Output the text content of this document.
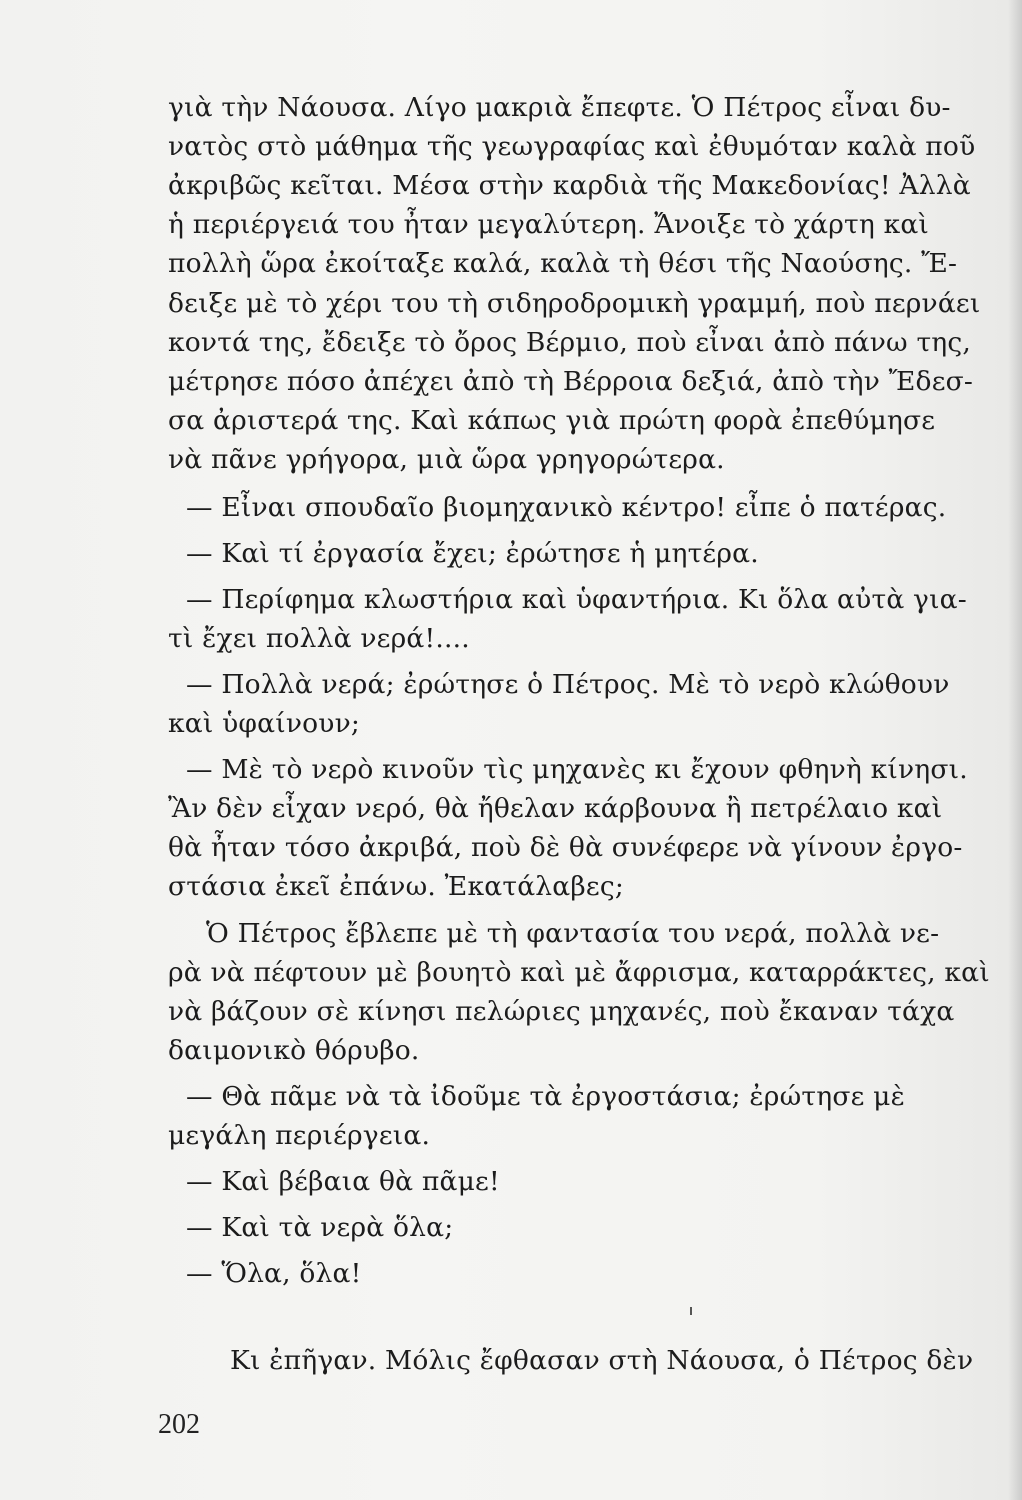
γιὰ τὴν Νάουσα. Λίγο μακριὰ ἔπεφτε. Ὁ Πέτρος εἶναι δυ-
νατὸς στὸ μάθημα τῆς γεωγραφίας καὶ ἐθυμόταν καλὰ ποῦ
ἀκριβῶς κεῖται. Μέσα στὴν καρδιὰ τῆς Μακεδονίας! Ἀλλὰ
ἡ περιέργειά του ἦταν μεγαλύτερη. Ἄνοιξε τὸ χάρτη καὶ
πολλὴ ὥρα ἐκοίταξε καλά, καλὰ τὴ θέσι τῆς Ναούσης. Ἔ-
δειξε μὲ τὸ χέρι του τὴ σιδηροδρομικὴ γραμμή, ποὺ περνάει
κοντά της, ἔδειξε τὸ ὄρος Βέρμιο, ποὺ εἶναι ἀπὸ πάνω της,
μέτρησε πόσο ἀπέχει ἀπὸ τὴ Βέρροια δεξιά, ἀπὸ τὴν Ἔδεσ-
σα ἀριστερά της. Καὶ κάπως γιὰ πρώτη φορὰ ἐπεθύμησε
νὰ πᾶνε γρήγορα, μιὰ ὥρα γρηγορώτερα.
— Εἶναι σπουδαῖο βιομηχανικὸ κέντρο! εἶπε ὁ πατέρας.
— Καὶ τί ἐργασία ἔχει; ἐρώτησε ἡ μητέρα.
— Περίφημα κλωστήρια καὶ ὑφαντήρια. Κι ὅλα αὐτὰ για-
τὶ ἔχει πολλὰ νερά!....
— Πολλὰ νερά; ἐρώτησε ὁ Πέτρος. Μὲ τὸ νερὸ κλώθουν
καὶ ὑφαίνουν;
— Μὲ τὸ νερὸ κινοῦν τὶς μηχανὲς κι ἔχουν φθηνὴ κίνησι.
Ἂν δὲν εἶχαν νερό, θὰ ἤθελαν κάρβουνα ἢ πετρέλαιο καὶ
θὰ ἦταν τόσο ἀκριβά, ποὺ δὲ θὰ συνέφερε νὰ γίνουν ἐργο-
στάσια ἐκεῖ ἐπάνω. Ἐκατάλαβες;
Ὁ Πέτρος ἔβλεπε μὲ τὴ φαντασία του νερά, πολλὰ νε-
ρὰ νὰ πέφτουν μὲ βουητὸ καὶ μὲ ἄφρισμα, καταρράκτες, καὶ
νὰ βάζουν σὲ κίνησι πελώριες μηχανές, ποὺ ἔκαναν τάχα
δαιμονικὸ θόρυβο.
— Θὰ πᾶμε νὰ τὰ ἰδοῦμε τὰ ἐργοστάσια; ἐρώτησε μὲ
μεγάλη περιέργεια.
— Καὶ βέβαια θὰ πᾶμε!
— Καὶ τὰ νερὰ ὅλα;
— Ὅλα, ὅλα!
Κι ἐπῆγαν. Μόλις ἔφθασαν στὴ Νάουσα, ὁ Πέτρος δὲν
202
